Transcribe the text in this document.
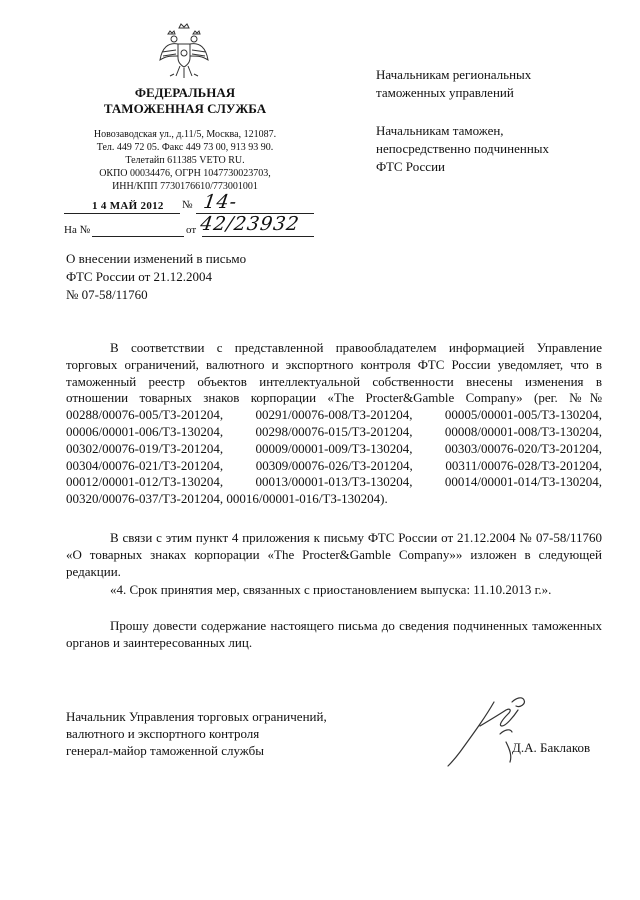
ФЕДЕРАЛЬНАЯ
ТАМОЖЕННАЯ СЛУЖБА
Новозаводская ул., д.11/5, Москва, 121087.
Тел. 449 72 05. Факс 449 73 00, 913 93 90.
Телетайп 611385 VETO RU.
ОКПО 00034476, ОГРН 1047730023703,
ИНН/КПП 7730176610/773001001
1 4 МАЙ 2012 № 14-42/23932
На №	от
Начальникам региональных
таможенных управлений
Начальникам таможен,
непосредственно подчиненных
ФТС России
О внесении изменений в письмо
ФТС России от 21.12.2004
№ 07-58/11760
В соответствии с представленной правообладателем информацией Управление торговых ограничений, валютного и экспортного контроля ФТС России уведомляет, что в таможенный реестр объектов интеллектуальной собственности внесены изменения в отношении товарных знаков корпорации «The Procter&Gamble Company» (рег. №№ 00288/00076-005/ТЗ-201204, 00291/00076-008/ТЗ-201204, 00005/00001-005/ТЗ-130204, 00006/00001-006/ТЗ-130204, 00298/00076-015/ТЗ-201204, 00008/00001-008/ТЗ-130204, 00302/00076-019/ТЗ-201204, 00009/00001-009/ТЗ-130204, 00303/00076-020/ТЗ-201204, 00304/00076-021/ТЗ-201204, 00309/00076-026/ТЗ-201204, 00311/00076-028/ТЗ-201204, 00012/00001-012/ТЗ-130204, 00013/00001-013/ТЗ-130204, 00014/00001-014/ТЗ-130204, 00320/00076-037/ТЗ-201204, 00016/00001-016/ТЗ-130204).
В связи с этим пункт 4 приложения к письму ФТС России от 21.12.2004 № 07-58/11760 «О товарных знаках корпорации «The Procter&Gamble Company»» изложен в следующей редакции.
«4. Срок принятия мер, связанных с приостановлением выпуска: 11.10.2013 г.».
Прошу довести содержание настоящего письма до сведения подчиненных таможенных органов и заинтересованных лиц.
Начальник Управления торговых ограничений,
валютного и экспортного контроля
генерал-майор таможенной службы	Д.А. Баклаков
